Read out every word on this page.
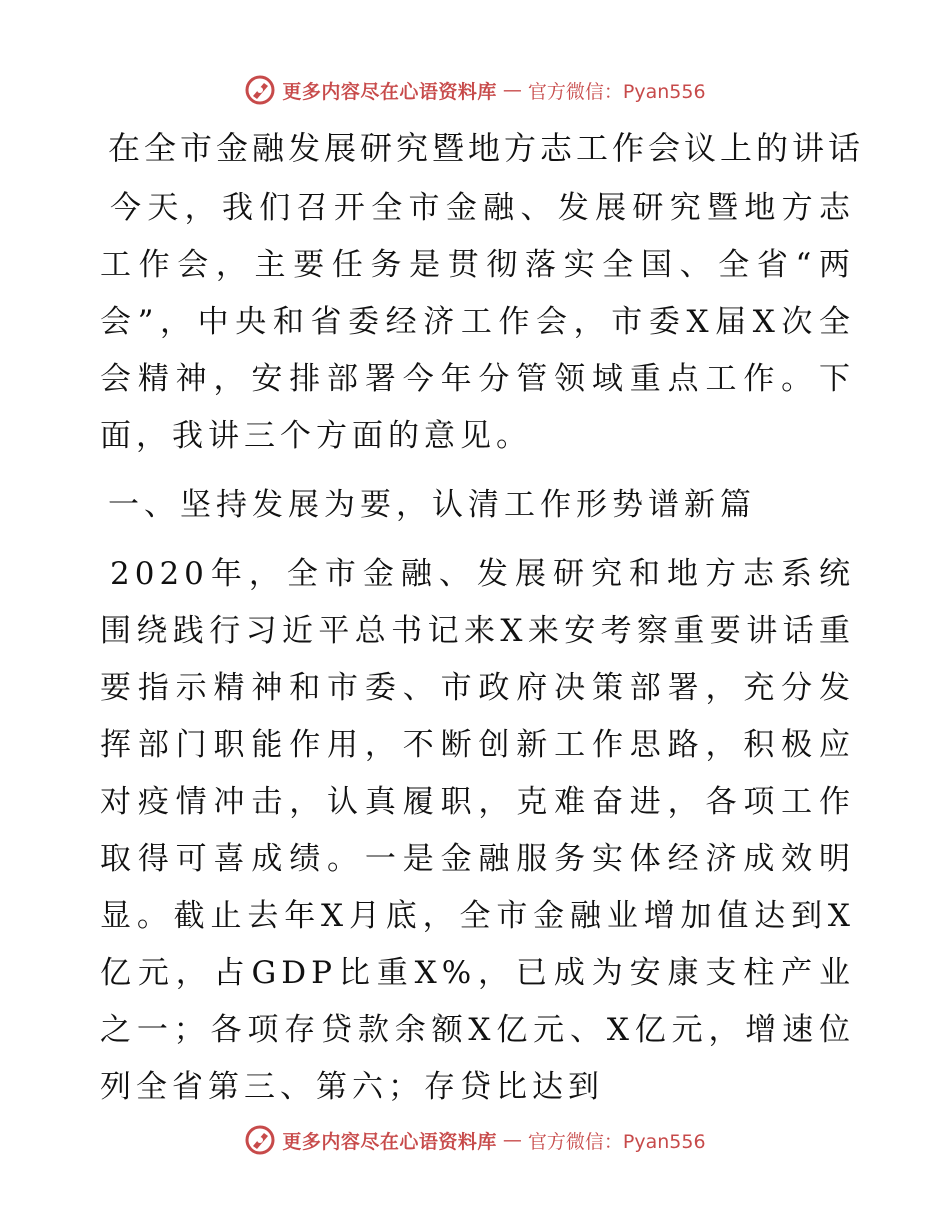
更多内容尽在心语资料库 — 官方微信：Pyan556
在全市金融发展研究暨地方志工作会议上的讲话

今天，我们召开全市金融、发展研究暨地方志工作会，主要任务是贯彻落实全国、全省“两会”，中央和省委经济工作会，市委X届X次全会精神，安排部署今年分管领域重点工作。下面，我讲三个方面的意见。

一、坚持发展为要，认清工作形势谱新篇

2020年，全市金融、发展研究和地方志系统围绕践行习近平总书记来X来安考察重要讲话重要指示精神和市委、市政府决策部署，充分发挥部门职能作用，不断创新工作思路，积极应对疫情冲击，认真履职，克难奋进，各项工作取得可喜成绩。一是金融服务实体经济成效明显。截止去年X月底，全市金融业增加值达到X亿元，占GDP比重X%，已成为安康支柱产业之一；各项存贷款余额X亿元、X亿元，增速位列全省第三、第六；存贷比达到

更多内容尽在心语资料库 — 官方微信：Pyan556
